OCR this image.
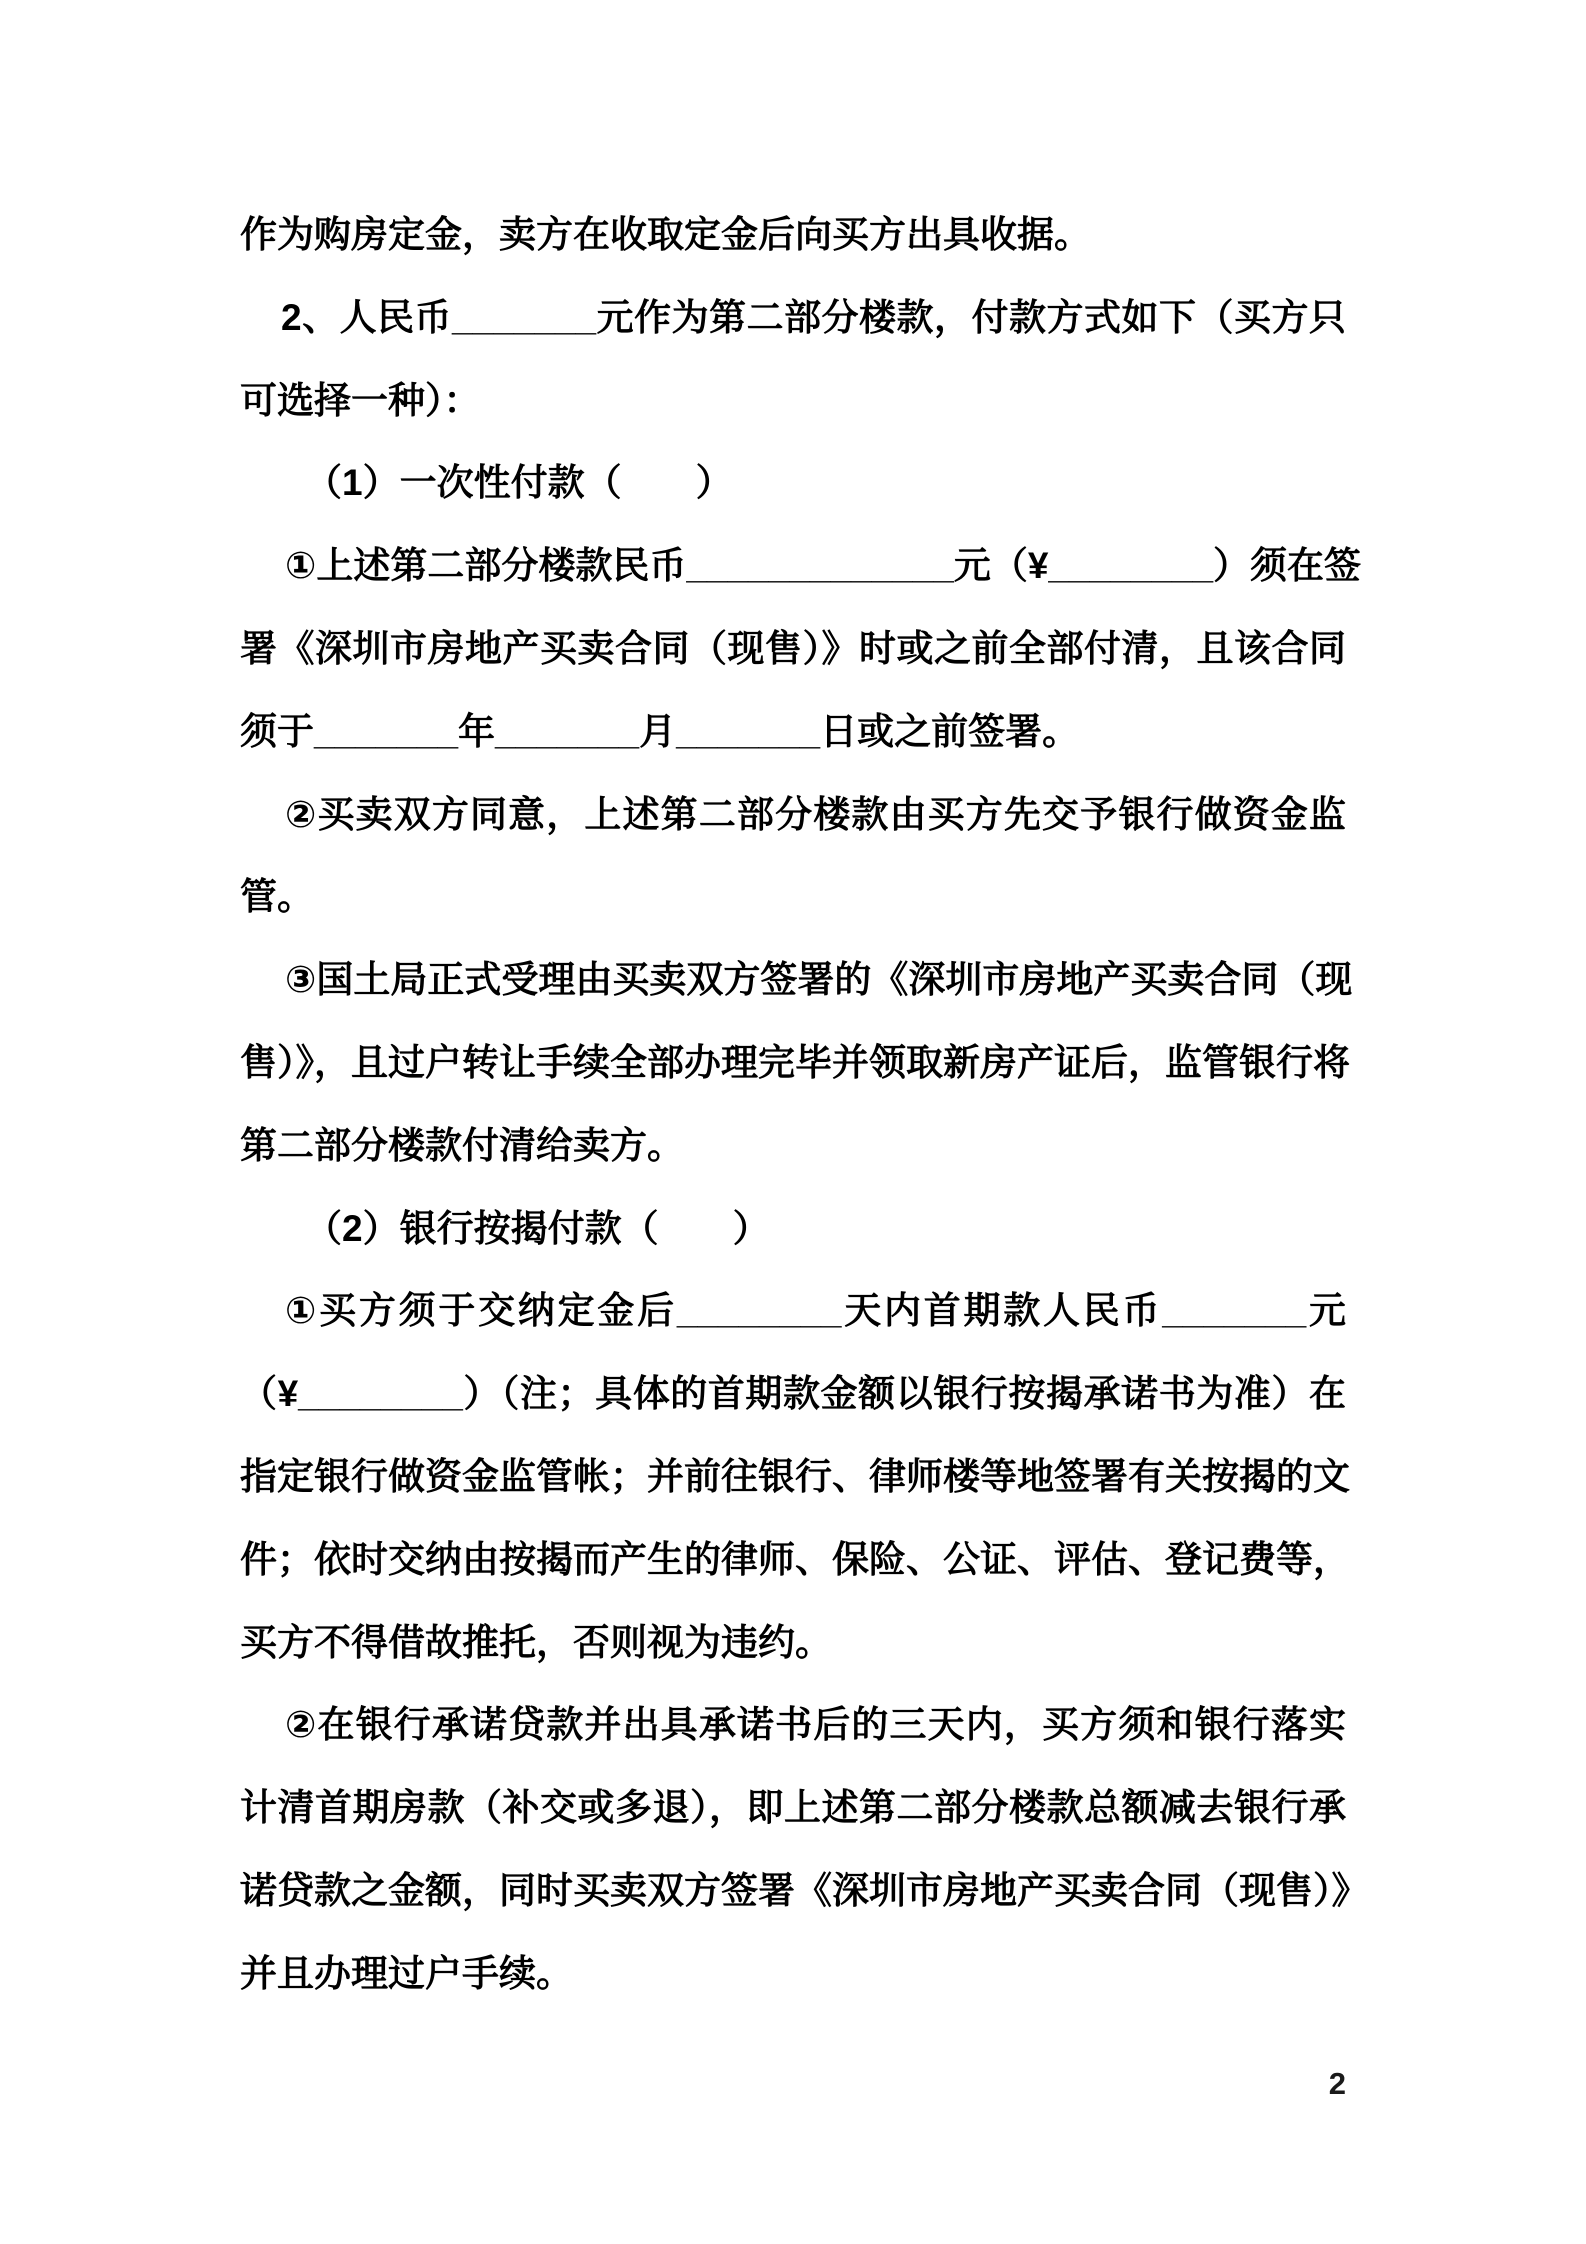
作为购房定金，卖方在收取定金后向买方出具收据。
2、人民币_______元作为第二部分楼款，付款方式如下（买方只
可选择一种）：
（1）一次性付款（　　）
①上述第二部分楼款民币_____________元（¥________）须在签
署《深圳市房地产买卖合同（现售）》时或之前全部付清，且该合同
须于_______年_______月_______日或之前签署。
②买卖双方同意，上述第二部分楼款由买方先交予银行做资金监
管。
③国土局正式受理由买卖双方签署的《深圳市房地产买卖合同（现
售）》，且过户转让手续全部办理完毕并领取新房产证后，监管银行将
第二部分楼款付清给卖方。
（2）银行按揭付款（　　）
①买方须于交纳定金后________天内首期款人民币_______元
（¥________）（注；具体的首期款金额以银行按揭承诺书为准）在
指定银行做资金监管帐；并前往银行、律师楼等地签署有关按揭的文
件；依时交纳由按揭而产生的律师、保险、公证、评估、登记费等，
买方不得借故推托，否则视为违约。
②在银行承诺贷款并出具承诺书后的三天内，买方须和银行落实
计清首期房款（补交或多退），即上述第二部分楼款总额减去银行承
诺贷款之金额，同时买卖双方签署《深圳市房地产买卖合同（现售）》
并且办理过户手续。
2
